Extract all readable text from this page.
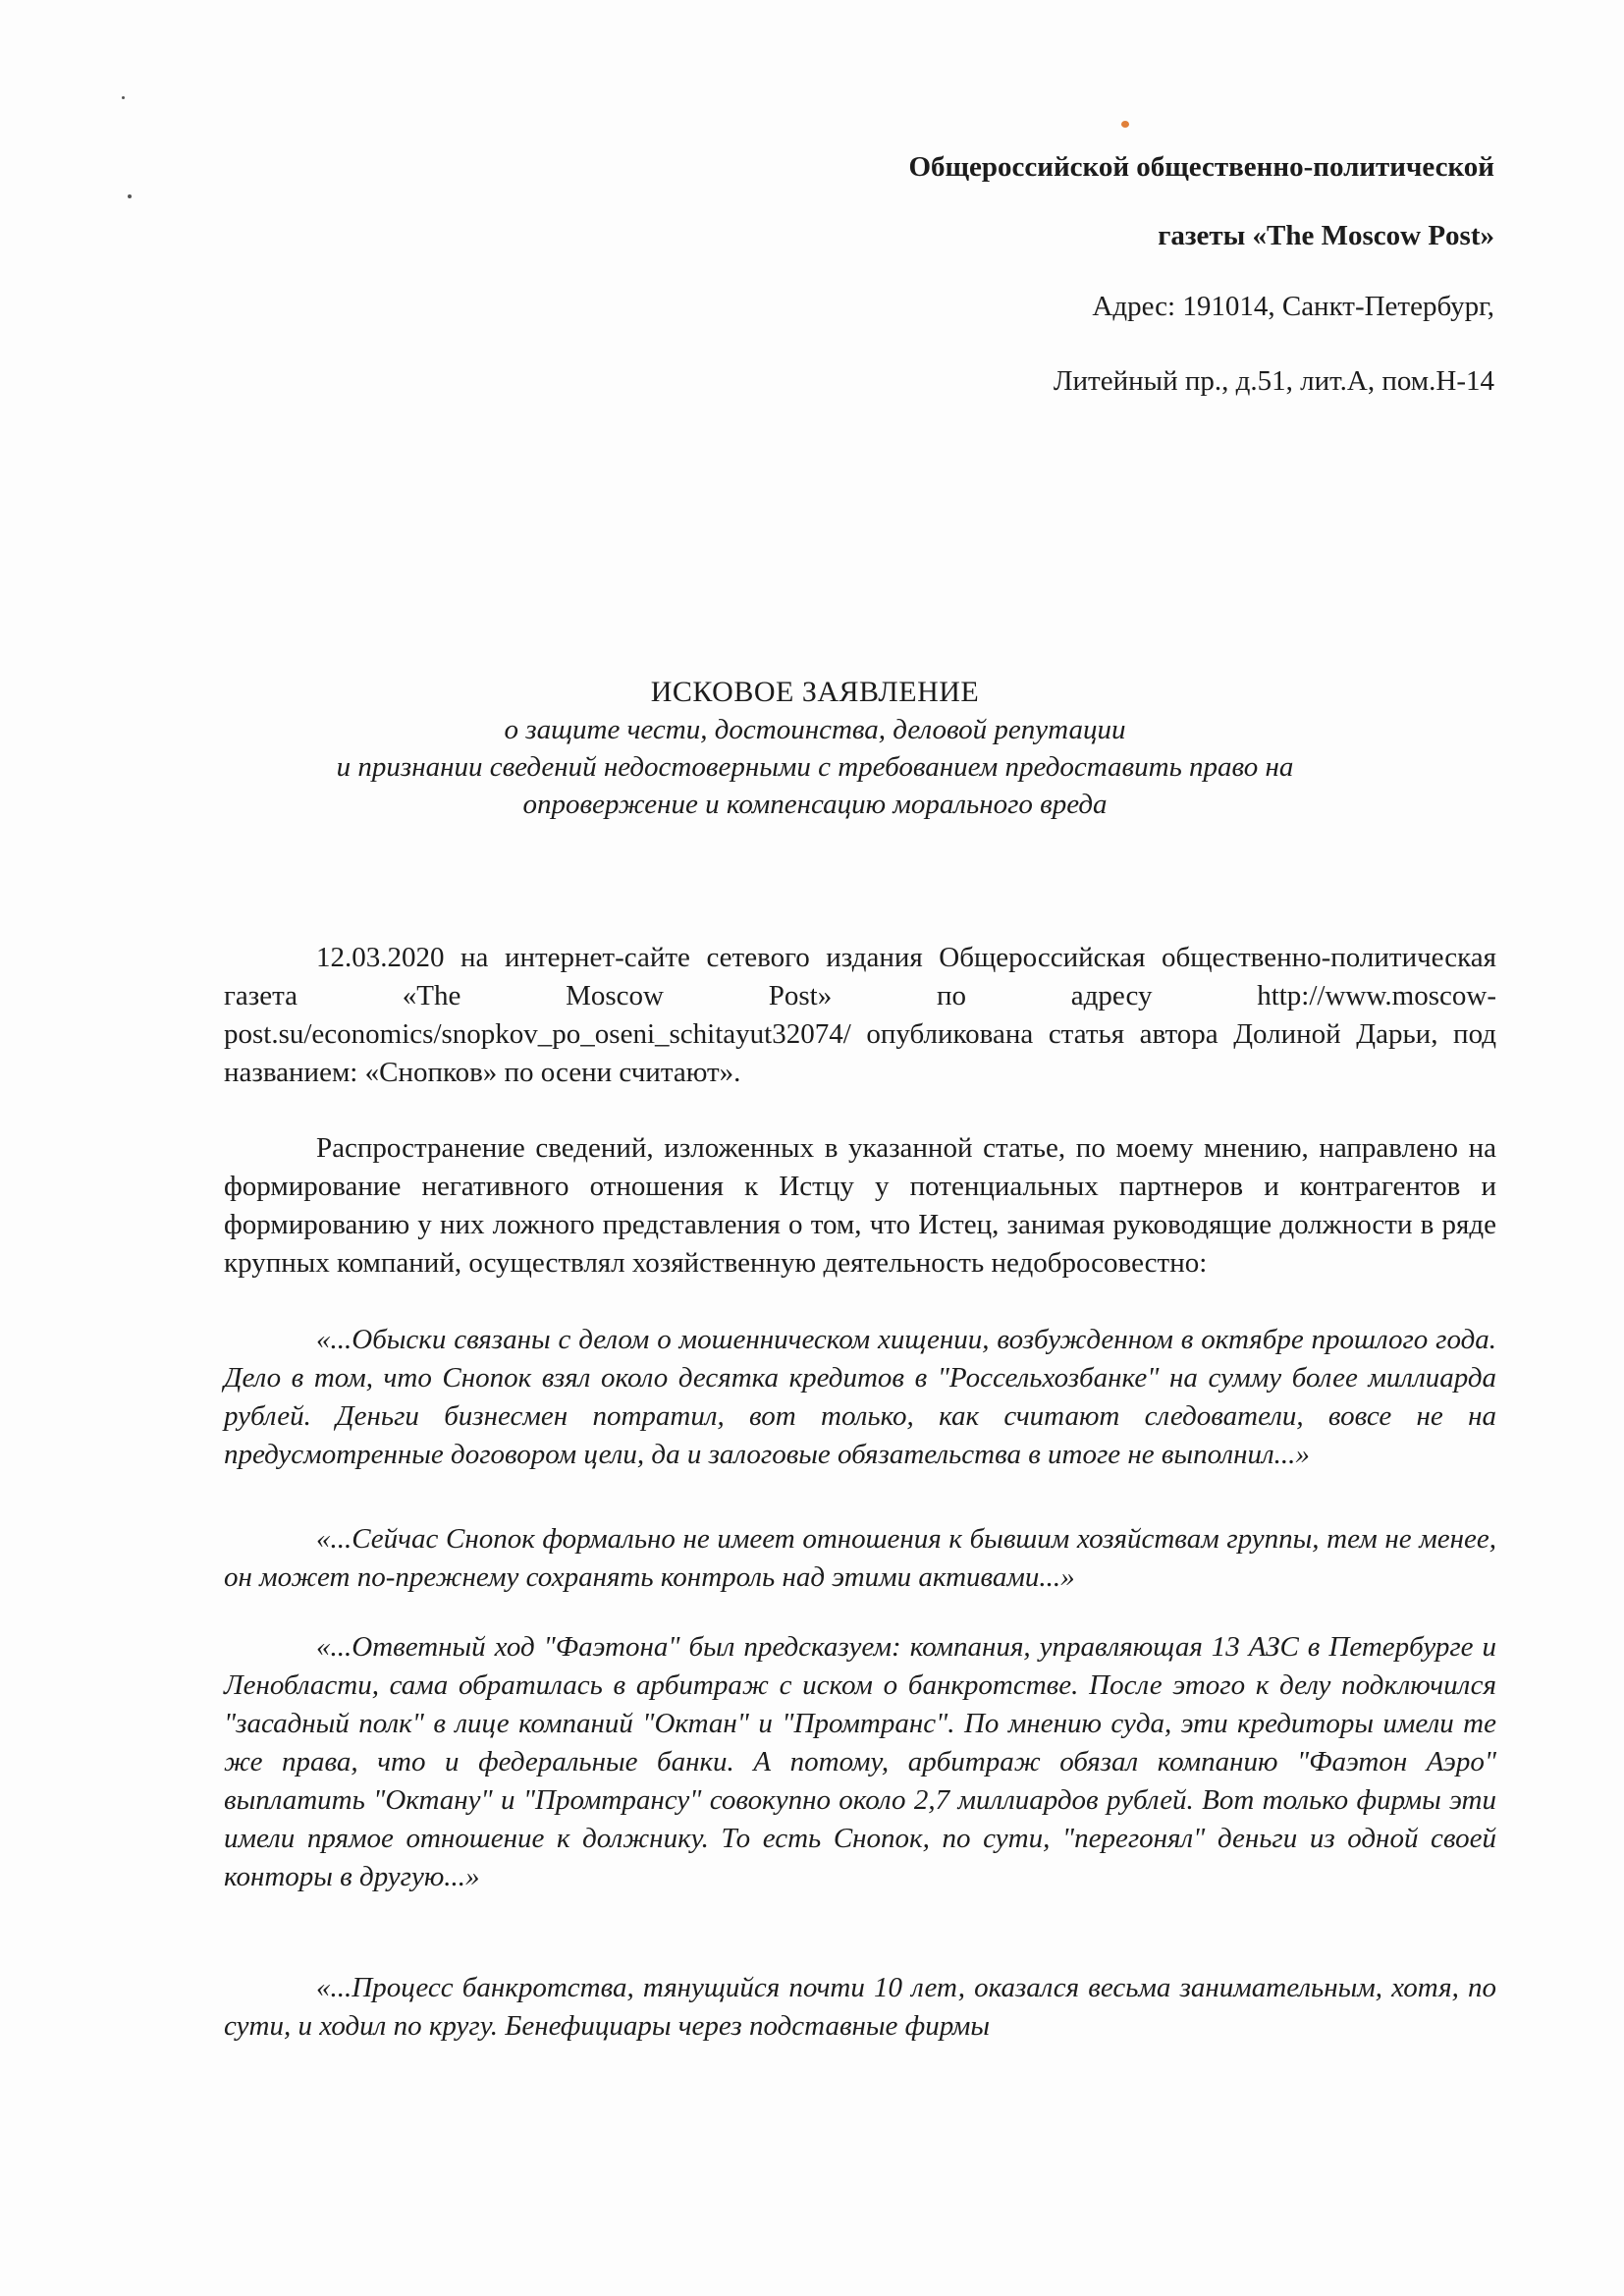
Общероссийской общественно-политической
газеты «The Moscow Post»
Адрес: 191014, Санкт-Петербург,
Литейный пр., д.51, лит.А, пом.Н-14
ИСКОВОЕ ЗАЯВЛЕНИЕ
о защите чести, достоинства, деловой репутации
и признании сведений недостоверными с требованием предоставить право на
опровержение и компенсацию морального вреда

12.03.2020 на интернет-сайте сетевого издания Общероссийская общественно-политическая газета «The Moscow Post» по адресу http://www.moscow-post.su/economics/snopkov_po_oseni_schitayut32074/ опубликована статья автора Долиной Дарьи, под названием: «Снопков» по осени считают».

Распространение сведений, изложенных в указанной статье, по моему мнению, направлено на формирование негативного отношения к Истцу у потенциальных партнеров и контрагентов и формированию у них ложного представления о том, что Истец, занимая руководящие должности в ряде крупных компаний, осуществлял хозяйственную деятельность недобросовестно:

«...Обыски связаны с делом о мошенническом хищении, возбужденном в октябре прошлого года. Дело в том, что Снопок взял около десятка кредитов в "Россельхозбанке" на сумму более миллиарда рублей. Деньги бизнесмен потратил, вот только, как считают следователи, вовсе не на предусмотренные договором цели, да и залоговые обязательства в итоге не выполнил...»

«...Сейчас Снопок формально не имеет отношения к бывшим хозяйствам группы, тем не менее, он может по-прежнему сохранять контроль над этими активами...»

«...Ответный ход "Фаэтона" был предсказуем: компания, управляющая 13 АЗС в Петербурге и Ленобласти, сама обратилась в арбитраж с иском о банкротстве. После этого к делу подключился "засадный полк" в лице компаний "Октан" и "Промтранс". По мнению суда, эти кредиторы имели те же права, что и федеральные банки. А потому, арбитраж обязал компанию "Фаэтон Аэро" выплатить "Октану" и "Промтрансу" совокупно около 2,7 миллиардов рублей. Вот только фирмы эти имели прямое отношение к должнику. То есть Снопок, по сути, "перегонял" деньги из одной своей конторы в другую...»

«...Процесс банкротства, тянущийся почти 10 лет, оказался весьма занимательным, хотя, по сути, и ходил по кругу. Бенефициары через подставные фирмы
